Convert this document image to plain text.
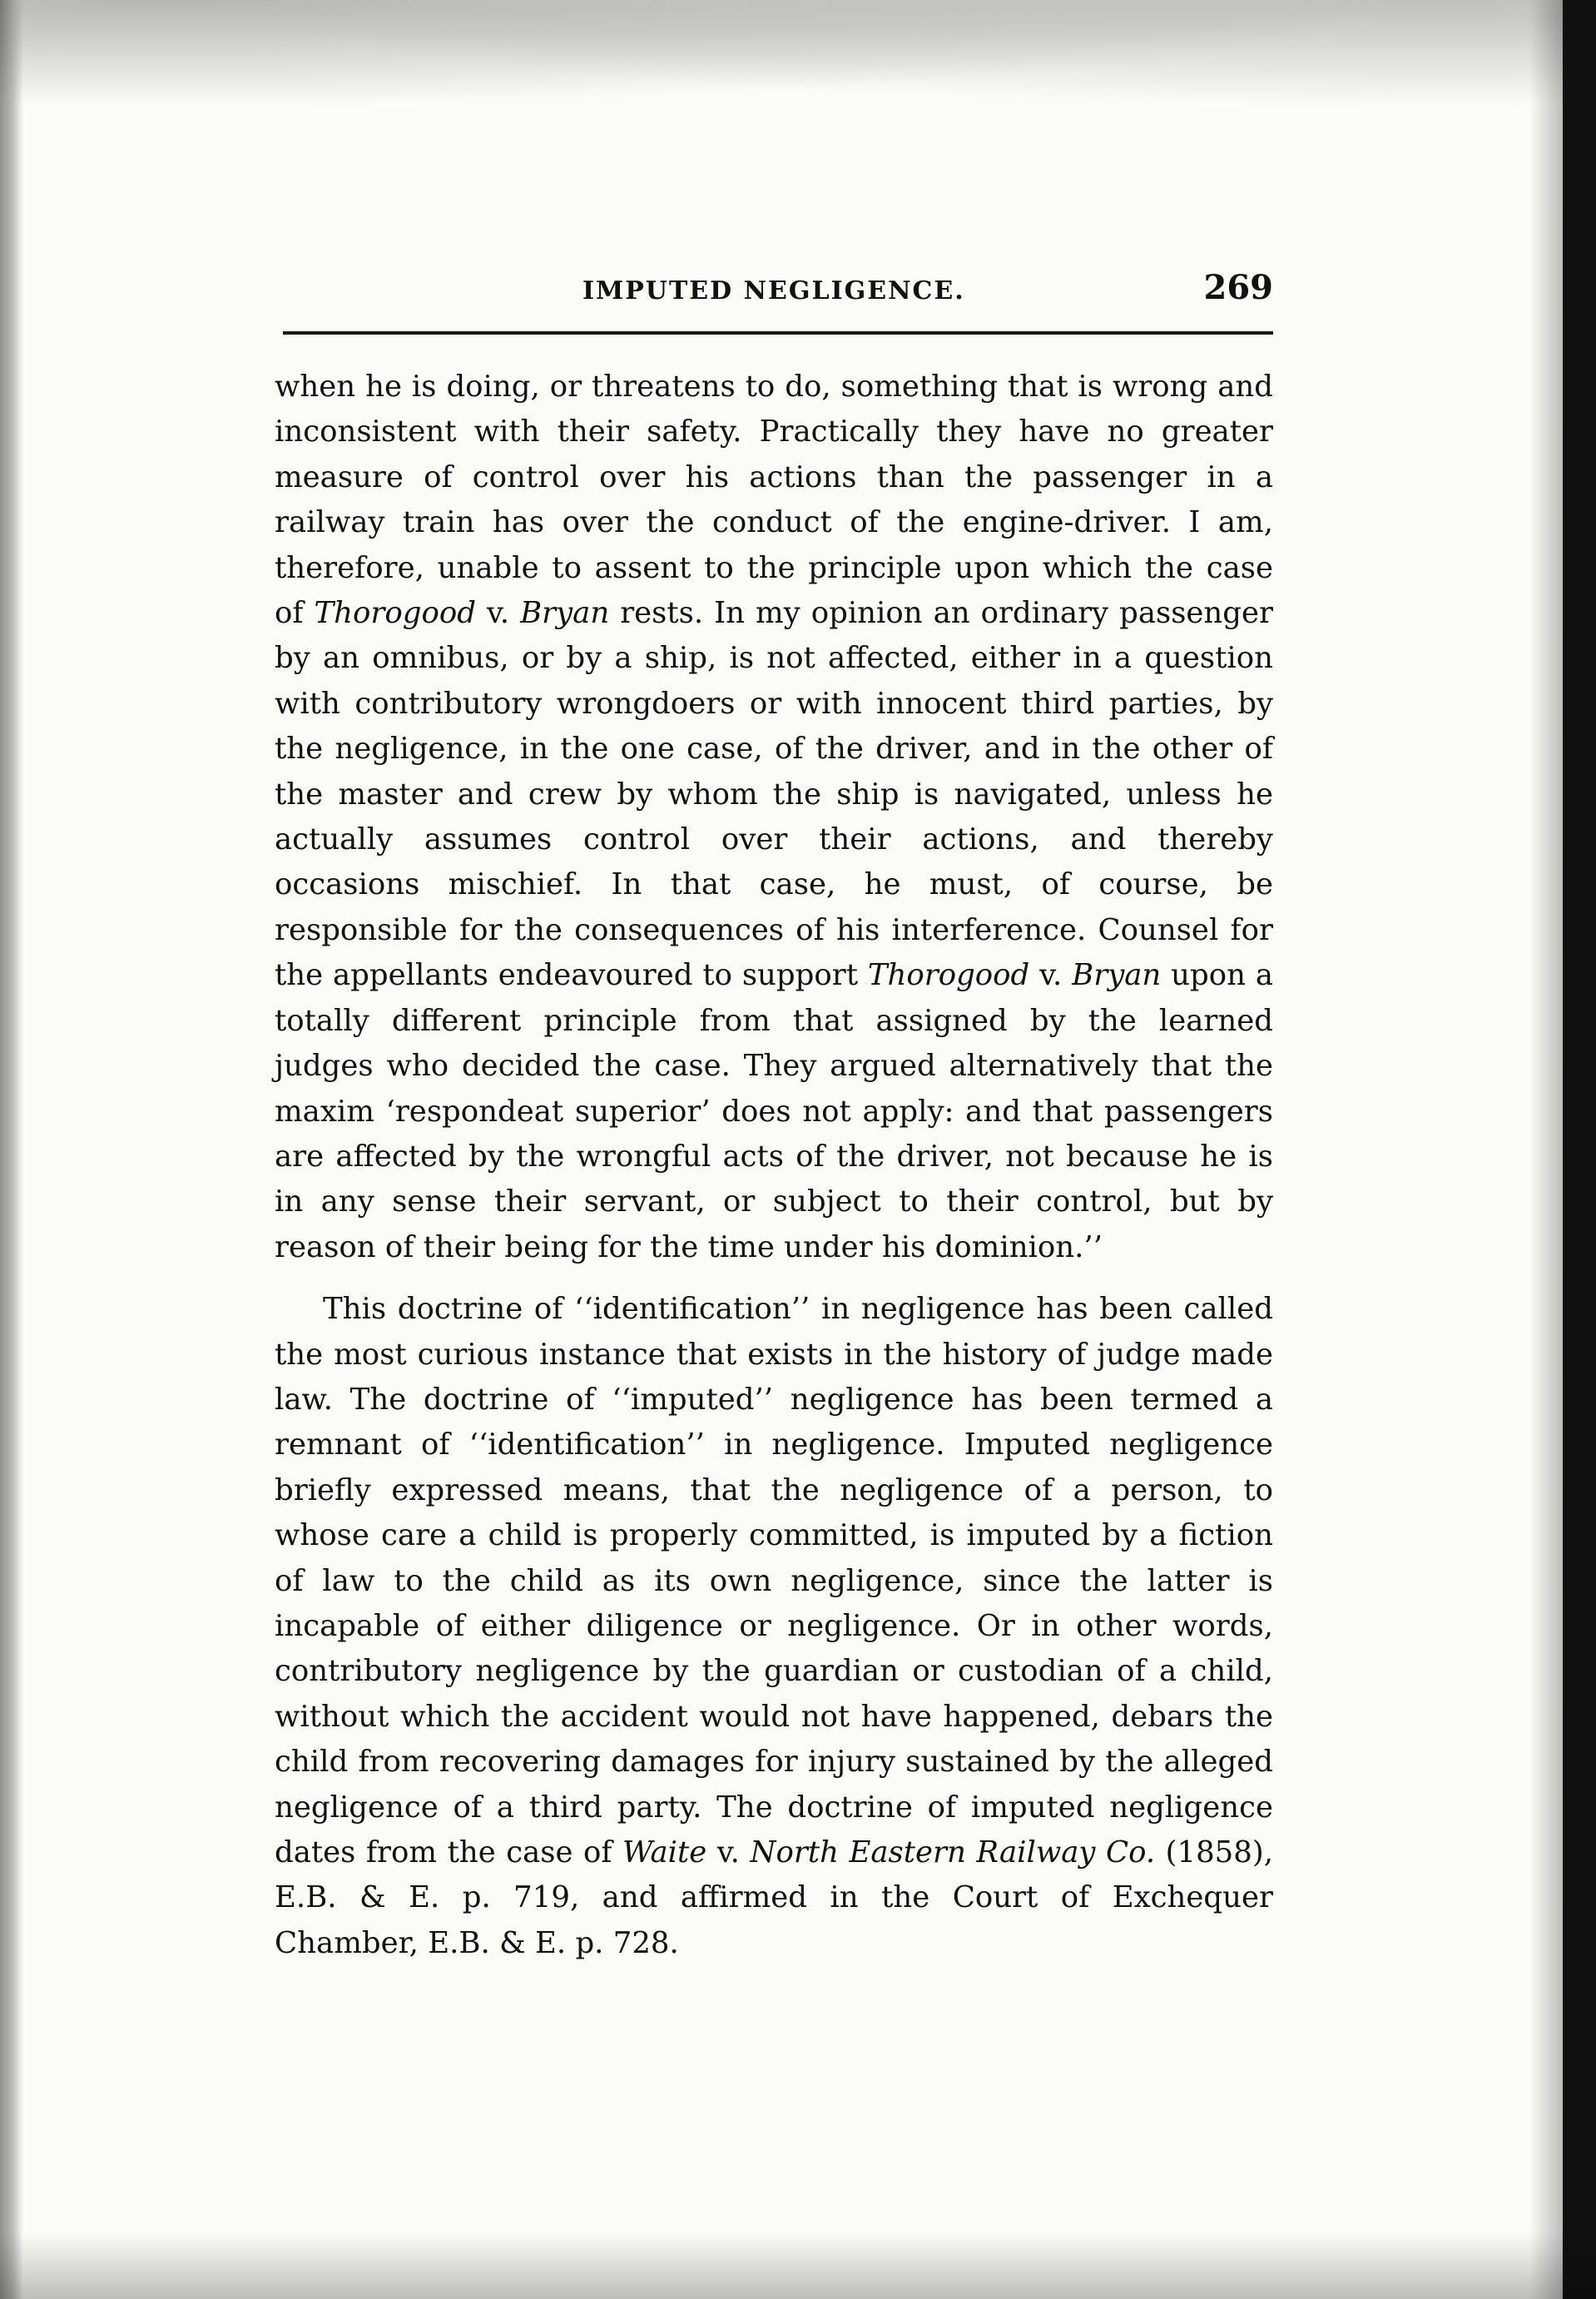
IMPUTED NEGLIGENCE.	269

when he is doing, or threatens to do, something that is wrong and inconsistent with their safety. Practically they have no greater measure of control over his actions than the passenger in a railway train has over the conduct of the engine-driver. I am, therefore, unable to assent to the principle upon which the case of Thorogood v. Bryan rests. In my opinion an ordinary passenger by an omnibus, or by a ship, is not affected, either in a question with contributory wrongdoers or with innocent third parties, by the negligence, in the one case, of the driver, and in the other of the master and crew by whom the ship is navigated, unless he actually assumes control over their actions, and thereby occasions mischief. In that case, he must, of course, be responsible for the consequences of his interference. Counsel for the appellants endeavoured to support Thorogood v. Bryan upon a totally different principle from that assigned by the learned judges who decided the case. They argued alternatively that the maxim ‘respondeat superior’ does not apply: and that passengers are affected by the wrongful acts of the driver, not because he is in any sense their servant, or subject to their control, but by reason of their being for the time under his dominion.’’

This doctrine of ‘‘identification’’ in negligence has been called the most curious instance that exists in the history of judge made law. The doctrine of ‘‘imputed’’ negligence has been termed a remnant of ‘‘identification’’ in negligence. Imputed negligence briefly expressed means, that the negligence of a person, to whose care a child is properly committed, is imputed by a fiction of law to the child as its own negligence, since the latter is incapable of either diligence or negligence. Or in other words, contributory negligence by the guardian or custodian of a child, without which the accident would not have happened, debars the child from recovering damages for injury sustained by the alleged negligence of a third party. The doctrine of imputed negligence dates from the case of Waite v. North Eastern Railway Co. (1858), E.B. & E. p. 719, and affirmed in the Court of Exchequer Chamber, E.B. & E. p. 728.
